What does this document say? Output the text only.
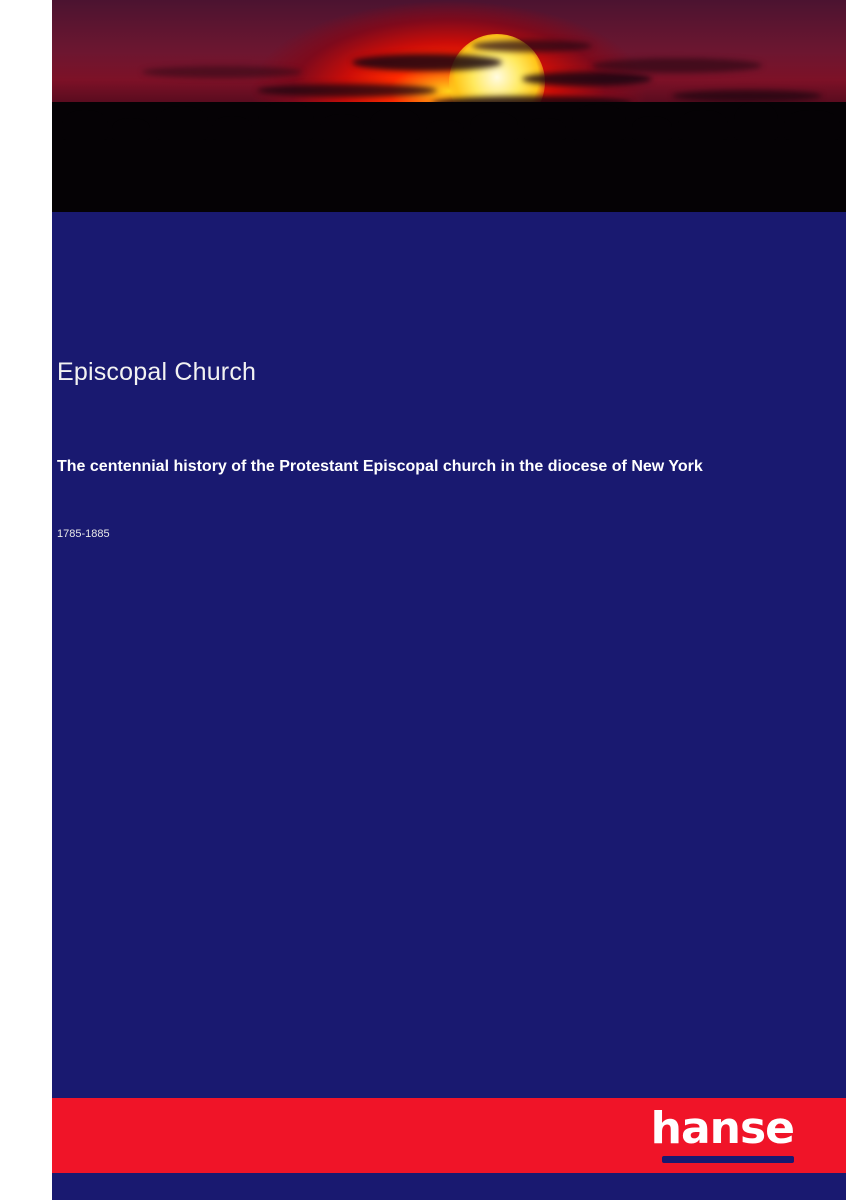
Episcopal Church
The centennial history of the Protestant Episcopal church in the diocese of New York
1785-1885
hanse
